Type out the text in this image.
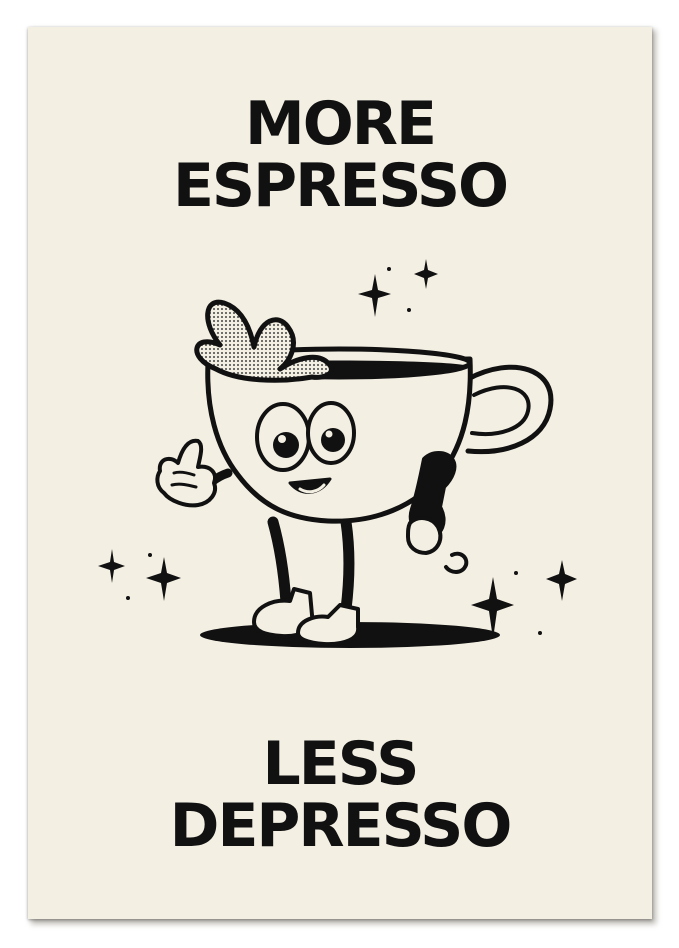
MORE
ESPRESSO
LESS
DEPRESSO
